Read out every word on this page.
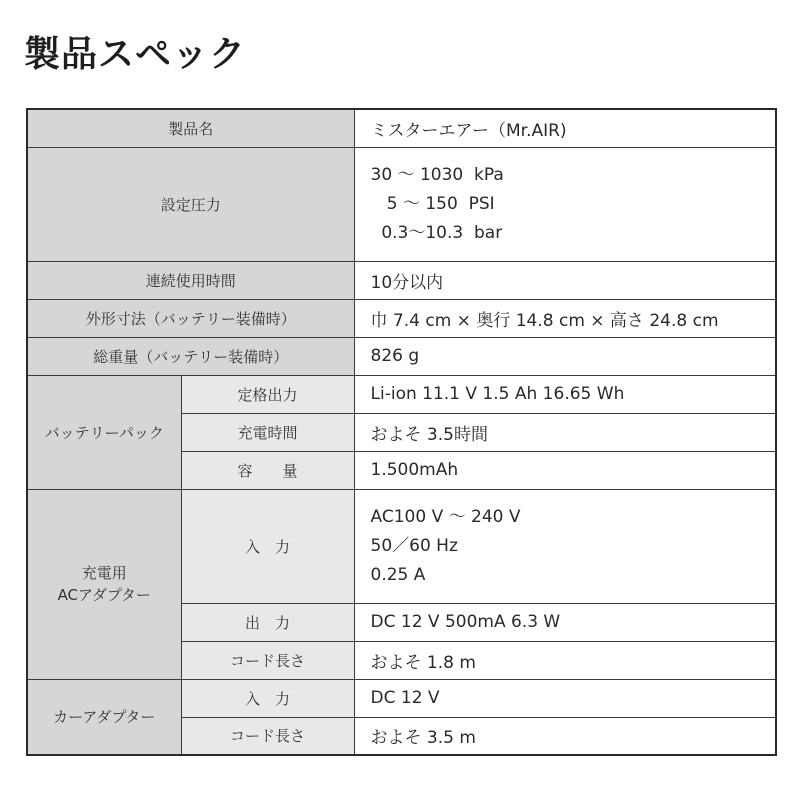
製品スペック
製品名		ミスターエアー（Mr.AIR)
設定圧力		30 ～ 1030  kPa
5 ～ 150  PSI
0.3～10.3  bar

連続使用時間		10分以内
外形寸法（バッテリー装備時）		巾 7.4 cm × 奥行 14.8 cm × 高さ 24.8 cm
総重量（バッテリー装備時）		826 g
バッテリーパック	定格出力	Li-ion 11.1 V 1.5 Ah 16.65 Wh
	充電時間	およそ 3.5時間
	容　　量	1.500mAh

充電用
ACアダプター	入　力	AC100 V ～ 240 V
50／60 Hz
0.25 A

	出　力	DC 12 V 500mA 6.3 W
	コード長さ	およそ 1.8 m
カーアダプター	入　力	DC 12 V
	コード長さ	およそ 3.5 m
